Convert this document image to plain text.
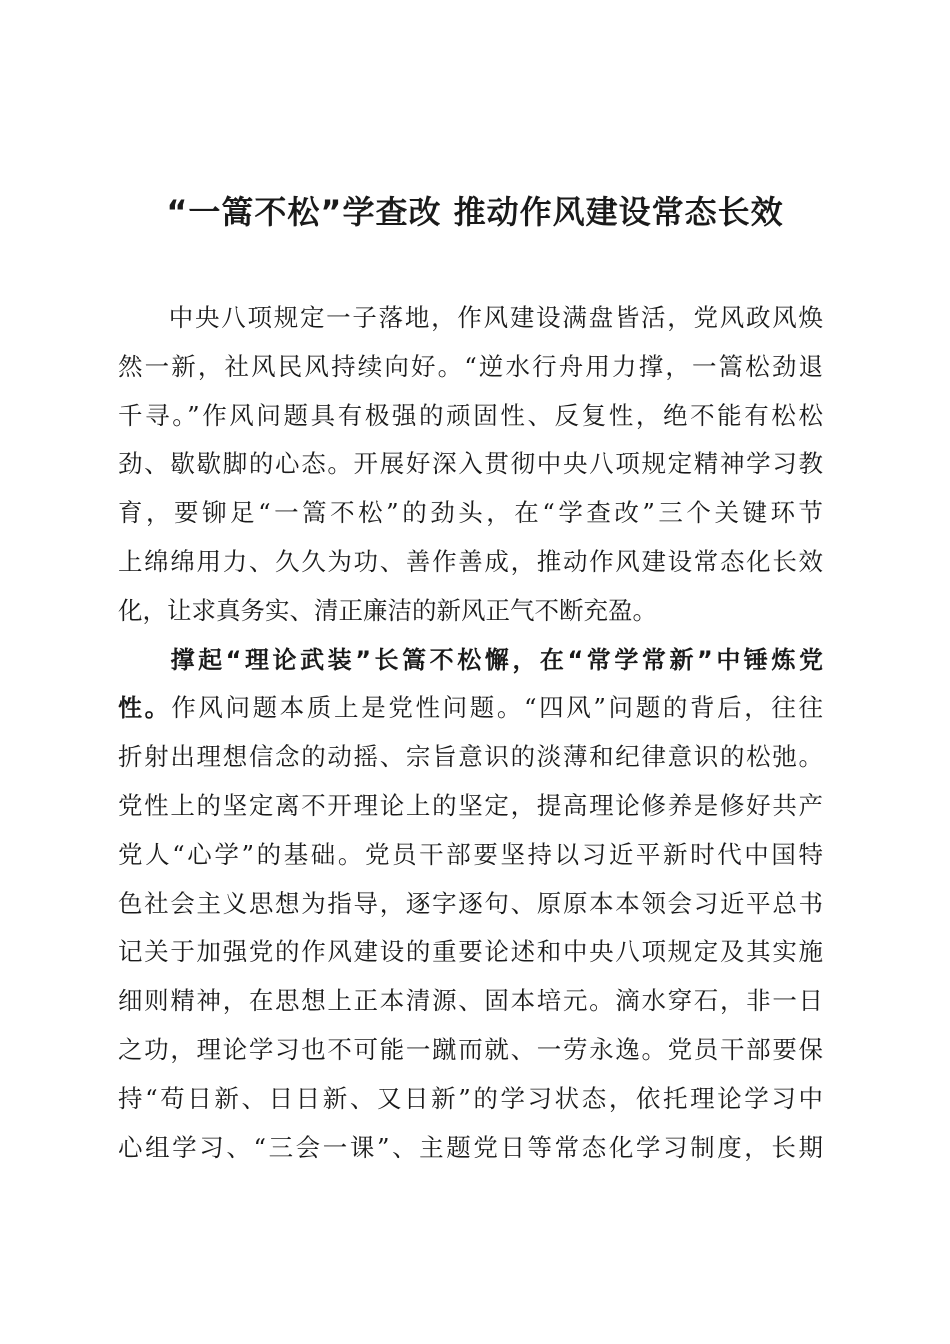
“一篙不松”学查改 推动作风建设常态长效
中央八项规定一子落地，作风建设满盘皆活，党风政风焕
然一新，社风民风持续向好。“逆水行舟用力撑，一篙松劲退
千寻。”作风问题具有极强的顽固性、反复性，绝不能有松松
劲、歇歇脚的心态。开展好深入贯彻中央八项规定精神学习教
育，要铆足“一篙不松”的劲头，在“学查改”三个关键环节
上绵绵用力、久久为功、善作善成，推动作风建设常态化长效
化，让求真务实、清正廉洁的新风正气不断充盈。
撑起“理论武装”长篙不松懈，在“常学常新”中锤炼党
性。作风问题本质上是党性问题。“四风”问题的背后，往往
折射出理想信念的动摇、宗旨意识的淡薄和纪律意识的松弛。
党性上的坚定离不开理论上的坚定，提高理论修养是修好共产
党人“心学”的基础。党员干部要坚持以习近平新时代中国特
色社会主义思想为指导，逐字逐句、原原本本领会习近平总书
记关于加强党的作风建设的重要论述和中央八项规定及其实施
细则精神，在思想上正本清源、固本培元。滴水穿石，非一日
之功，理论学习也不可能一蹴而就、一劳永逸。党员干部要保
持“苟日新、日日新、又日新”的学习状态，依托理论学习中
心组学习、“三会一课”、主题党日等常态化学习制度，长期
